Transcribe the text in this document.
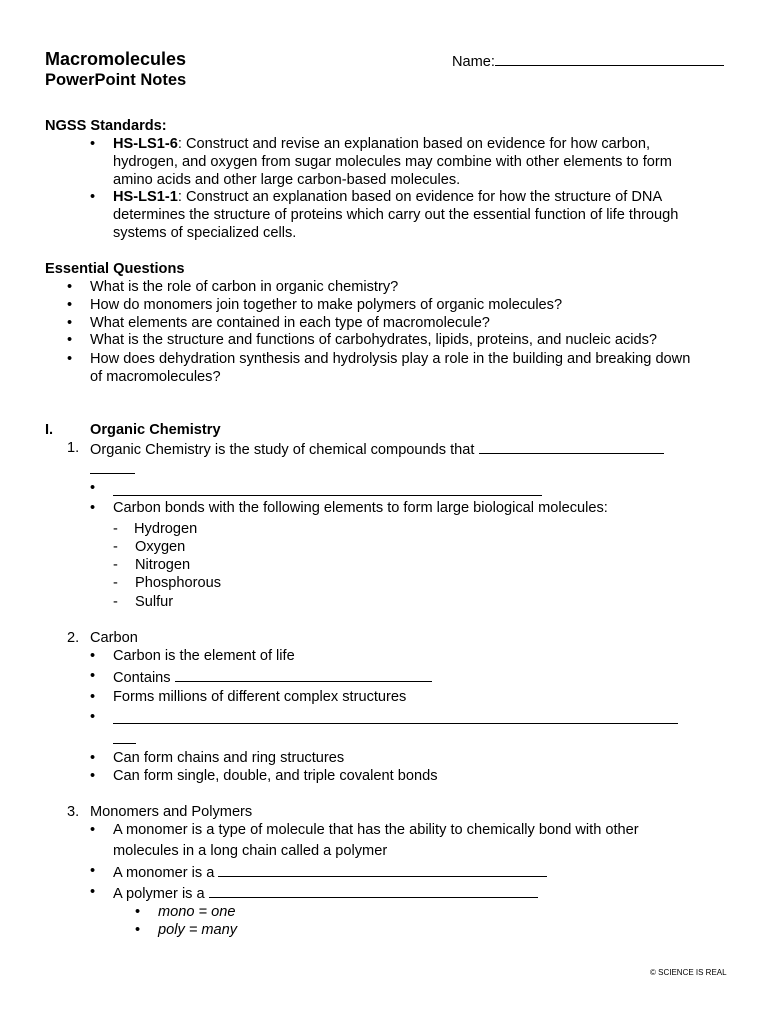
Macromolecules
PowerPoint Notes
Name:
NGSS Standards:
• HS-LS1-6: Construct and revise an explanation based on evidence for how carbon,
hydrogen, and oxygen from sugar molecules may combine with other elements to form
amino acids and other large carbon-based molecules.
• HS-LS1-1: Construct an explanation based on evidence for how the structure of DNA
determines the structure of proteins which carry out the essential function of life through
systems of specialized cells.
Essential Questions
• What is the role of carbon in organic chemistry?
• How do monomers join together to make polymers of organic molecules?
• What elements are contained in each type of macromolecule?
• What is the structure and functions of carbohydrates, lipids, proteins, and nucleic acids?
• How does dehydration synthesis and hydrolysis play a role in the building and breaking down
of macromolecules?
I.	Organic Chemistry
1. Organic Chemistry is the study of chemical compounds that
•
• Carbon bonds with the following elements to form large biological molecules:
- Hydrogen
- Oxygen
- Nitrogen
- Phosphorous
- Sulfur
2. Carbon
• Carbon is the element of life
• Contains
• Forms millions of different complex structures
•
• Can form chains and ring structures
• Can form single, double, and triple covalent bonds
3. Monomers and Polymers
• A monomer is a type of molecule that has the ability to chemically bond with other
molecules in a long chain called a polymer
• A monomer is a
• A polymer is a
• mono = one
• poly = many
© SCIENCE IS REAL
